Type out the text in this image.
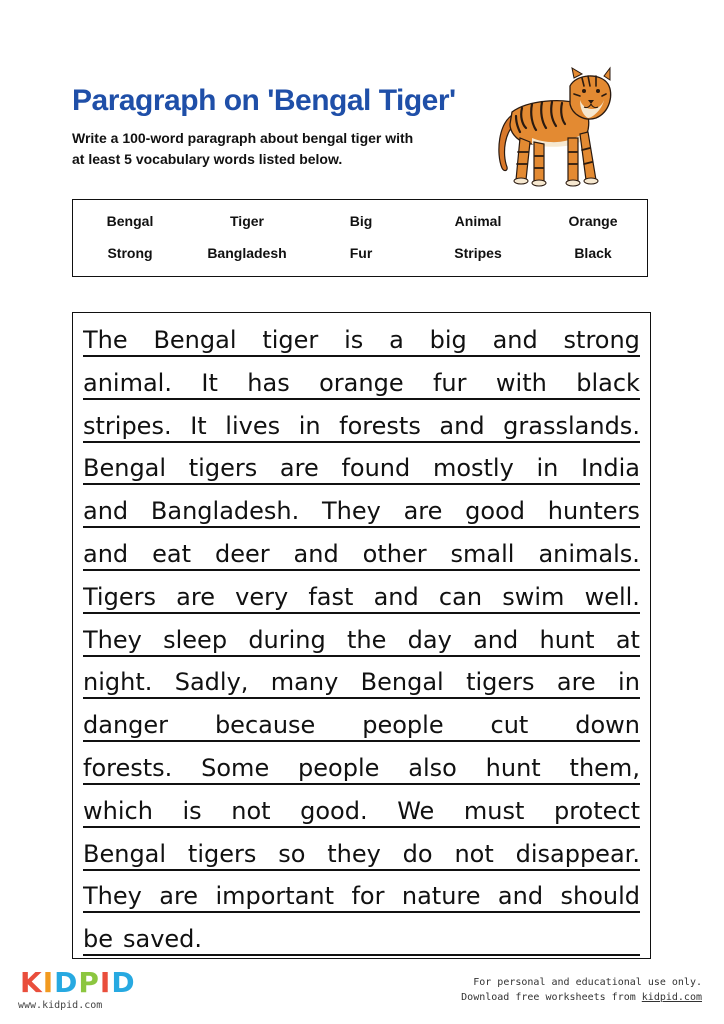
Paragraph on 'Bengal Tiger'
Write a 100-word paragraph about bengal tiger with
at least 5 vocabulary words listed below.
Bengal	Tiger	Big	Animal	Orange
Strong	Bangladesh	Fur	Stripes	Black
The Bengal tiger is a big and strong
animal. It has orange fur with black
stripes. It lives in forests and grasslands.
Bengal tigers are found mostly in India
and Bangladesh. They are good hunters
and eat deer and other small animals.
Tigers are very fast and can swim well.
They sleep during the day and hunt at
night. Sadly, many Bengal tigers are in
danger because people cut down
forests. Some people also hunt them,
which is not good. We must protect
Bengal tigers so they do not disappear.
They are important for nature and should
be saved.
KIDPID
www.kidpid.com
For personal and educational use only.
Download free worksheets from kidpid.com
